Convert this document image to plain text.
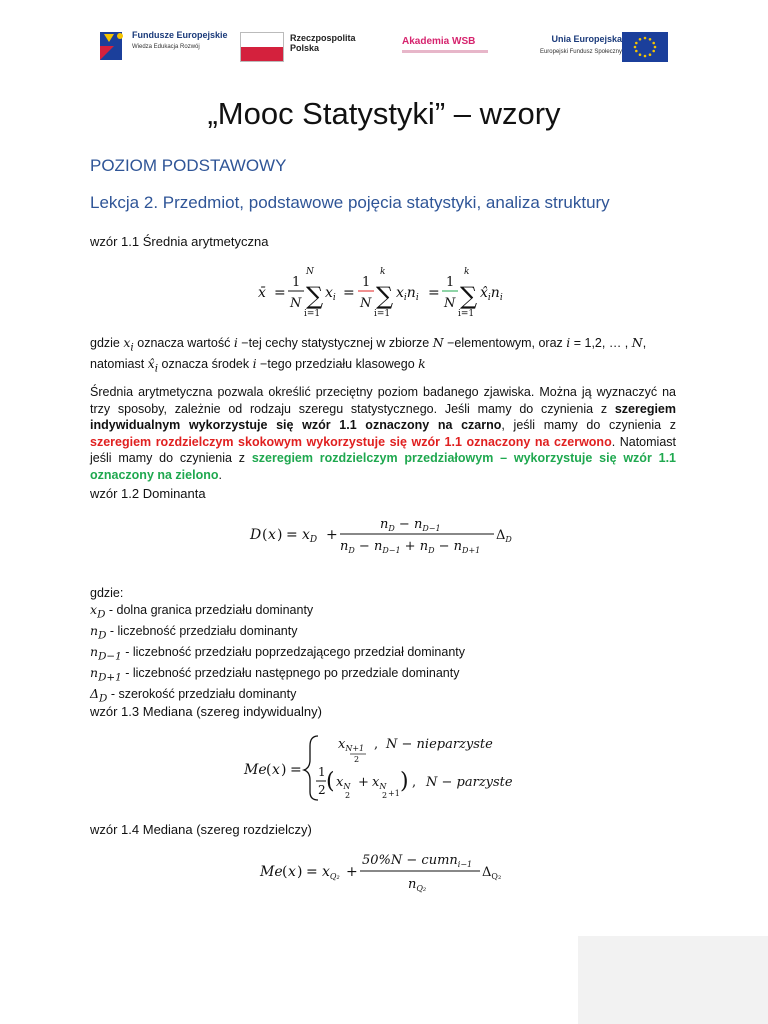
Fundusze Europejskie
Wiedza Edukacja Rozwój
Rzeczpospolita Polska
Akademia WSB	Unia Europejska
Europejski Fundusz Społeczny
„Mooc Statystyki” – wzory
POZIOM PODSTAWOWY
Lekcja 2. Przedmiot, podstawowe pojęcia statystyki, analiza struktury
wzór 1.1 Średnia arytmetyczna
x̄ =
1
N
N
∑
i=1
$x_i$ =
1
N
k
∑
i=1
$x_in_i$ =
1
N
k
∑
i=1
$x̂_in_i$
gdzie $x_i$ oznacza wartość i −tej cechy statystycznej w zbiorze N −elementowym, oraz i = 1,2, … , N,
natomiast $x̂_i$ oznacza środek i −tego przedziału klasowego k
Średnia arytmetyczna pozwala określić przeciętny poziom badanego zjawiska. Można ją wyznaczyć na trzy sposoby, zależnie od rodzaju szeregu statystycznego. Jeśli mamy do czynienia z szeregiem indywidualnym wykorzystuje się wzór 1.1 oznaczony na czarno, jeśli mamy do czynienia z szeregiem rozdzielczym skokowym wykorzystuje się wzór 1.1 oznaczony na czerwono. Natomiast jeśli mamy do czynienia z szeregiem rozdzielczym przedziałowym – wykorzystuje się wzór 1.1 oznaczony na zielono.
wzór 1.2 Dominanta
D ( x ) = $x_D$ +
$n_D - n_{D-1}$
$n_D - n_{D-1} + n_D - n_{D+1}$
$\Delta_D$
gdzie:
$x_D$ - dolna granica przedziału dominanty
$n_D$ - liczebność przedziału dominanty
$n_{D-1}$ - liczebność przedziału poprzedzającego przedział dominanty
$n_{D+1}$ - liczebność przedziału następnego po przedziale dominanty
$\Delta_D$ - szerokość przedziału dominanty
wzór 1.3 Mediana (szereg indywidualny)
Me ( x ) =
$x_{N+1}$
2
, N − nieparzyste
1
2 ( $x_N$
2
+ $x_N$
2 +1 ) , N − parzyste
wzór 1.4 Mediana (szereg rozdzielczy)
Me ( x ) = $x_{Q_2}$ +
50%N − cumn$_{i-1}$
$n_{Q_2}$
$\Delta_{Q_2}$
